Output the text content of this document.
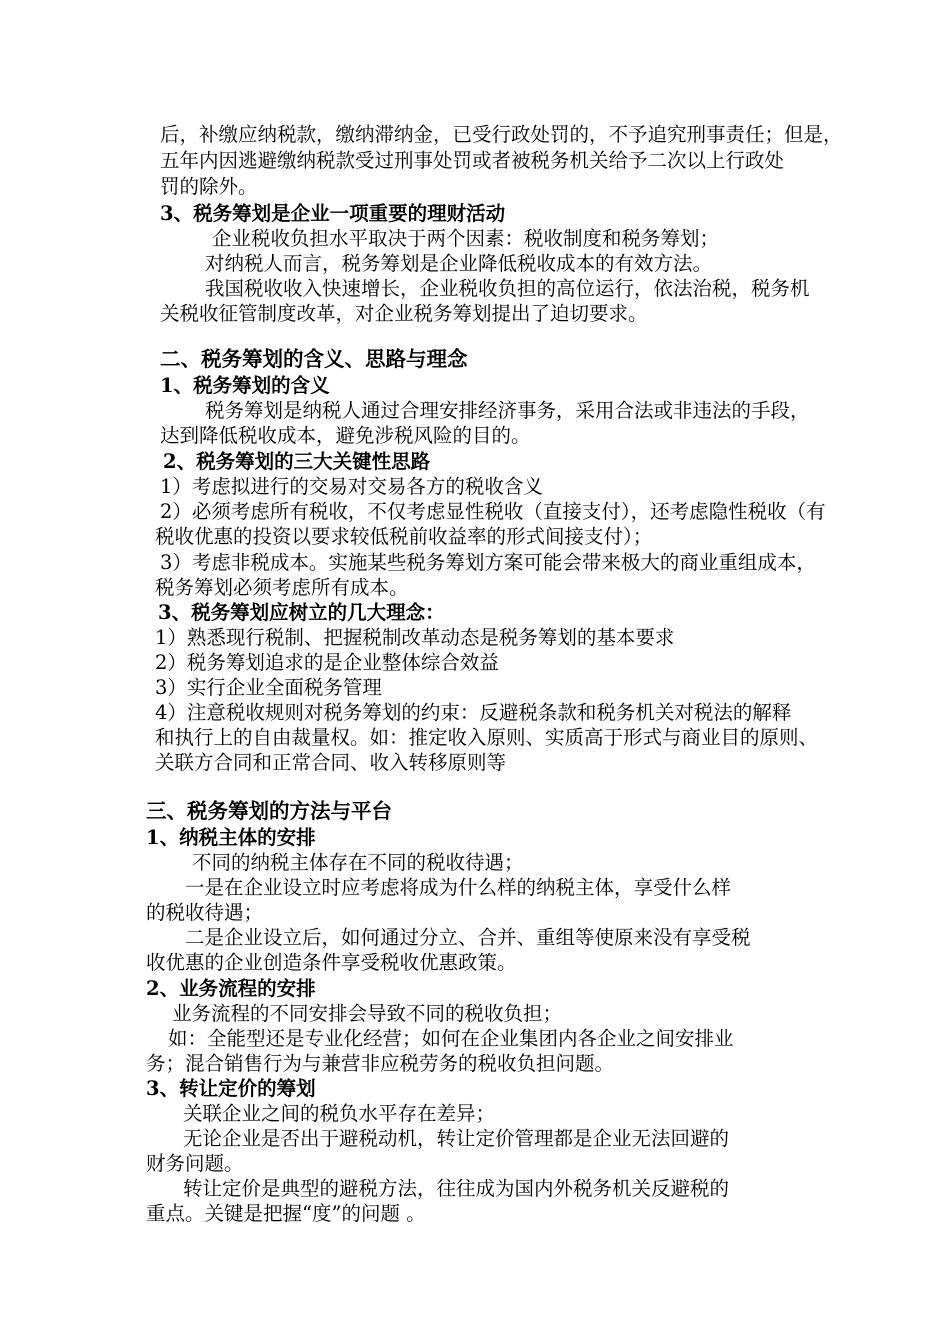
后，补缴应纳税款，缴纳滞纳金，已受行政处罚的，不予追究刑事责任；但是，
五年内因逃避缴纳税款受过刑事处罚或者被税务机关给予二次以上行政处
罚的除外。
3、税务筹划是企业一项重要的理财活动
企业税收负担水平取决于两个因素：税收制度和税务筹划；
对纳税人而言，税务筹划是企业降低税收成本的有效方法。
我国税收收入快速增长，企业税收负担的高位运行，依法治税，税务机
关税收征管制度改革，对企业税务筹划提出了迫切要求。
二、税务筹划的含义、思路与理念
1、税务筹划的含义
税务筹划是纳税人通过合理安排经济事务，采用合法或非违法的手段，
达到降低税收成本，避免涉税风险的目的。
2、税务筹划的三大关键性思路
1）考虑拟进行的交易对交易各方的税收含义
2）必须考虑所有税收，不仅考虑显性税收（直接支付），还考虑隐性税收（有
税收优惠的投资以要求较低税前收益率的形式间接支付）；
3）考虑非税成本。实施某些税务筹划方案可能会带来极大的商业重组成本，
税务筹划必须考虑所有成本。
3、税务筹划应树立的几大理念：
1）熟悉现行税制、把握税制改革动态是税务筹划的基本要求
2）税务筹划追求的是企业整体综合效益
3）实行企业全面税务管理
4）注意税收规则对税务筹划的约束：反避税条款和税务机关对税法的解释
和执行上的自由裁量权。如：推定收入原则、实质高于形式与商业目的原则、
关联方合同和正常合同、收入转移原则等
三、税务筹划的方法与平台
1、纳税主体的安排
不同的纳税主体存在不同的税收待遇；
一是在企业设立时应考虑将成为什么样的纳税主体，享受什么样
的税收待遇；
二是企业设立后，如何通过分立、合并、重组等使原来没有享受税
收优惠的企业创造条件享受税收优惠政策。
2、业务流程的安排
业务流程的不同安排会导致不同的税收负担；
如：全能型还是专业化经营；如何在企业集团内各企业之间安排业
务；混合销售行为与兼营非应税劳务的税收负担问题。
3、转让定价的筹划
关联企业之间的税负水平存在差异；
无论企业是否出于避税动机，转让定价管理都是企业无法回避的
财务问题。
转让定价是典型的避税方法，往往成为国内外税务机关反避税的
重点。关键是把握“度”的问题 。
